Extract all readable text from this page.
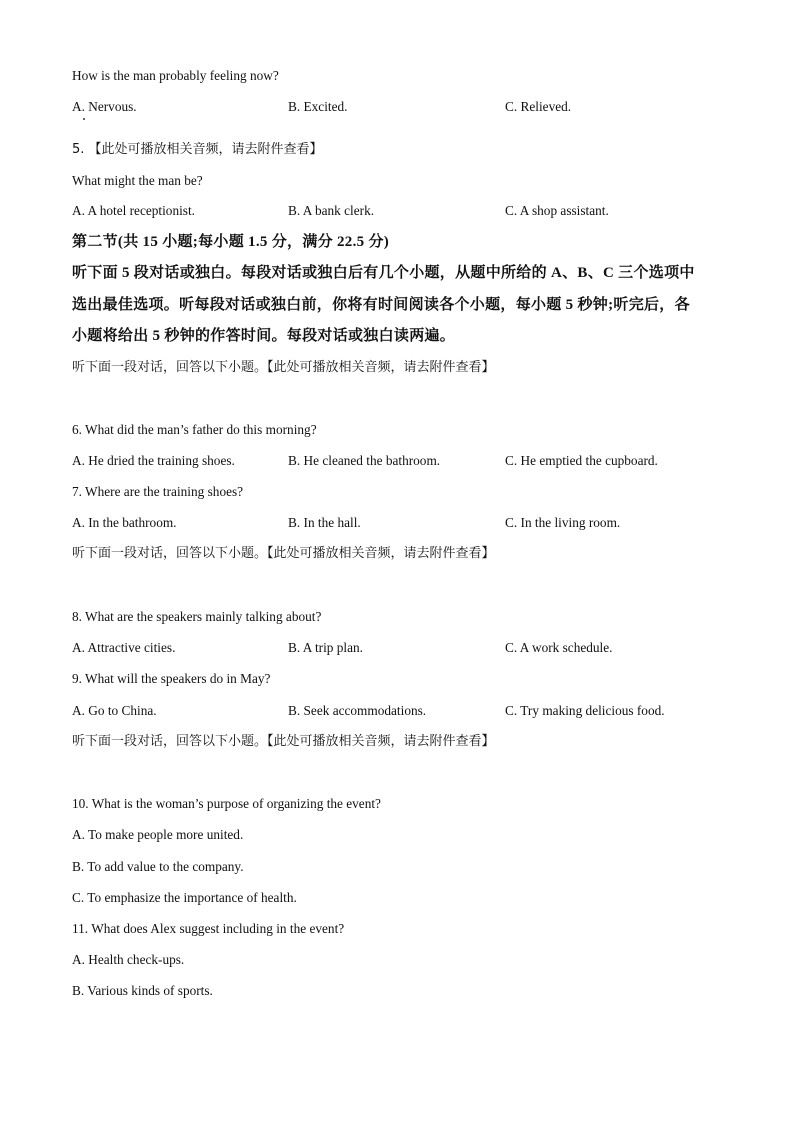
How is the man probably feeling now?
A. Nervous.	B. Excited.	C. Relieved.
5. 【此处可播放相关音频，请去附件查看】
What might the man be?
A. A hotel receptionist.	B. A bank clerk.	C. A shop assistant.
第二节(共 15 小题;每小题 1.5 分，满分 22.5 分)
听下面 5 段对话或独白。每段对话或独白后有几个小题，从题中所给的 A、B、C 三个选项中
选出最佳选项。听每段对话或独白前，你将有时间阅读各个小题，每小题 5 秒钟;听完后，各
小题将给出 5 秒钟的作答时间。每段对话或独白读两遍。
听下面一段对话，回答以下小题。【此处可播放相关音频，请去附件查看】
6. What did the man’s father do this morning?
A. He dried the training shoes.	B. He cleaned the bathroom.	C. He emptied the cupboard.
7. Where are the training shoes?
A. In the bathroom.	B. In the hall.	C. In the living room.
听下面一段对话，回答以下小题。【此处可播放相关音频，请去附件查看】
8. What are the speakers mainly talking about?
A. Attractive cities.	B. A trip plan.	C. A work schedule.
9. What will the speakers do in May?
A. Go to China.	B. Seek accommodations.	C. Try making delicious food.
听下面一段对话，回答以下小题。【此处可播放相关音频，请去附件查看】
10. What is the woman’s purpose of organizing the event?
A. To make people more united.
B. To add value to the company.
C. To emphasize the importance of health.
11. What does Alex suggest including in the event?
A. Health check-ups.
B. Various kinds of sports.
